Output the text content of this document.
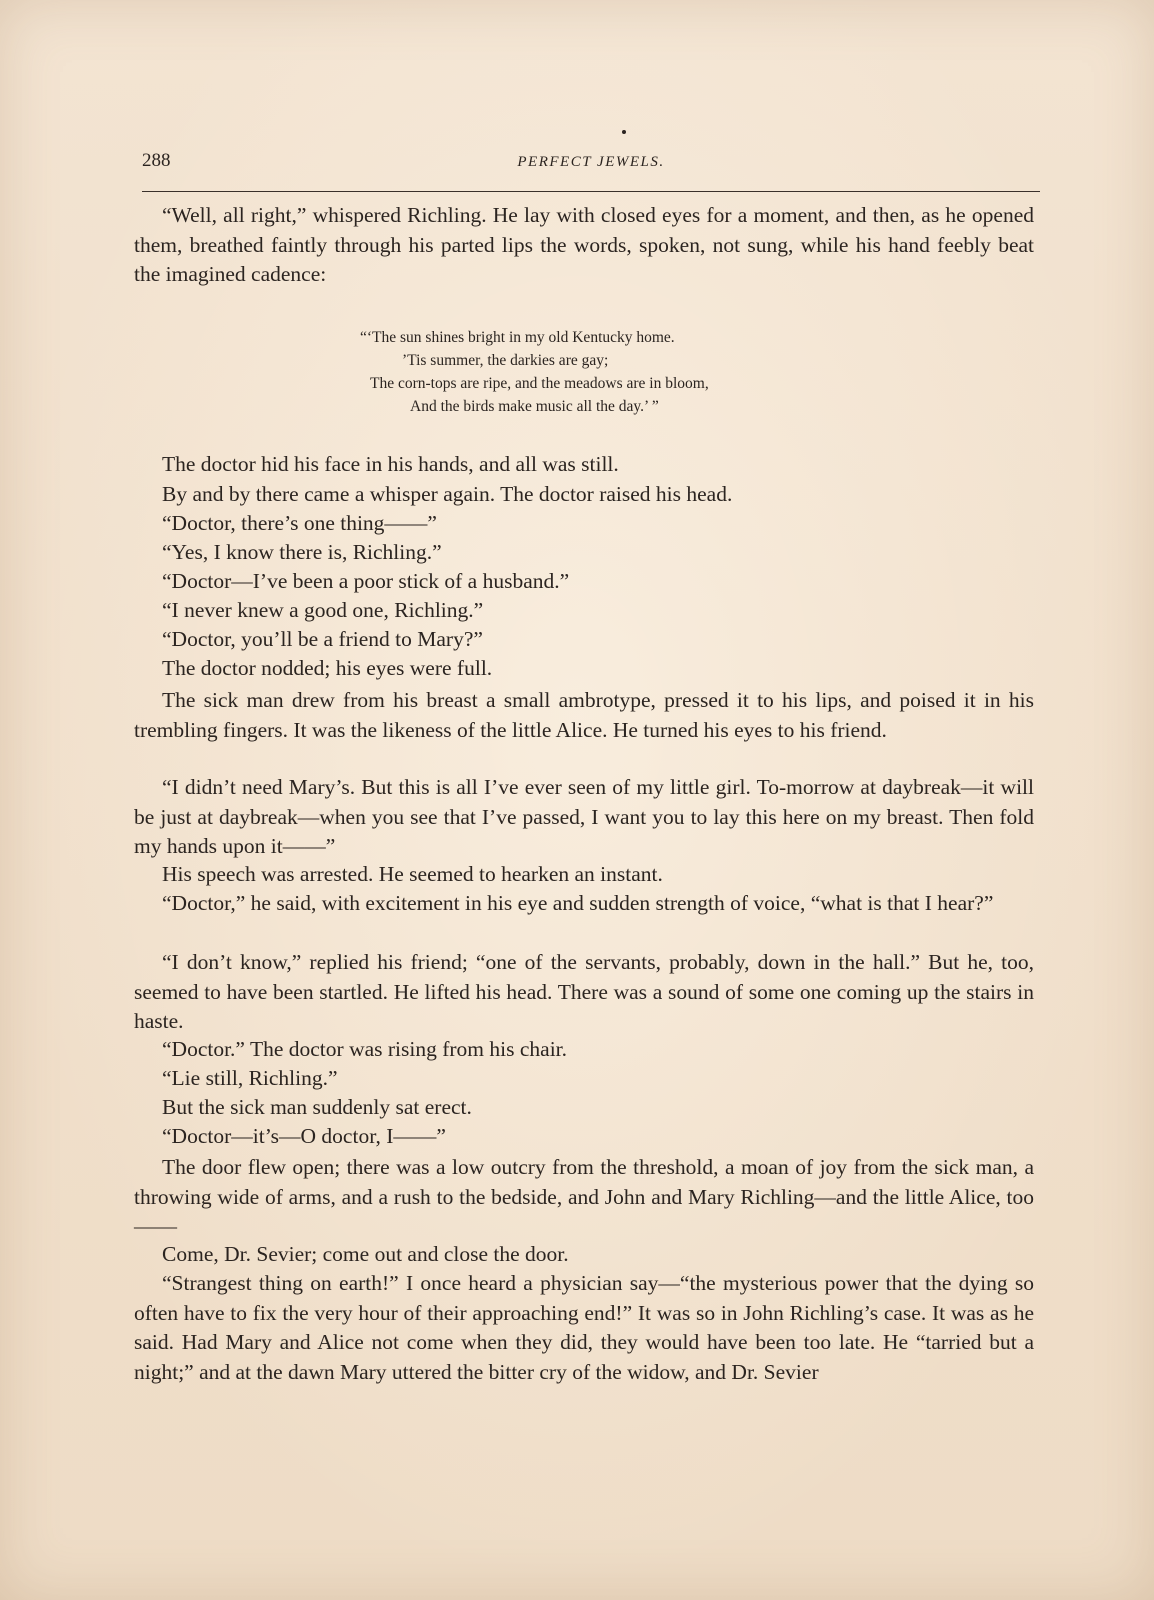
288	PERFECT JEWELS.

“Well, all right,” whispered Richling. He lay with closed eyes for a moment, and then, as he opened them, breathed faintly through his parted lips the words, spoken, not sung, while his hand feebly beat the imagined cadence:

“‘The sun shines bright in my old Kentucky home.
’Tis summer, the darkies are gay;
The corn-tops are ripe, and the meadows are in bloom,
And the birds make music all the day.’ ”
The doctor hid his face in his hands, and all was still.
By and by there came a whisper again. The doctor raised his head.
“Doctor, there’s one thing——”
“Yes, I know there is, Richling.”
“Doctor—I’ve been a poor stick of a husband.”
“I never knew a good one, Richling.”
“Doctor, you’ll be a friend to Mary?”
The doctor nodded; his eyes were full.

The sick man drew from his breast a small ambrotype, pressed it to his lips, and poised it in his trembling fingers. It was the likeness of the little Alice. He turned his eyes to his friend.

“I didn’t need Mary’s. But this is all I’ve ever seen of my little girl. To-morrow at daybreak—it will be just at daybreak—when you see that I’ve passed, I want you to lay this here on my breast. Then fold my hands upon it——”

His speech was arrested. He seemed to hearken an instant.

“Doctor,” he said, with excitement in his eye and sudden strength of voice, “what is that I hear?”

“I don’t know,” replied his friend; “one of the servants, probably, down in the hall.” But he, too, seemed to have been startled. He lifted his head. There was a sound of some one coming up the stairs in haste.

“Doctor.” The doctor was rising from his chair.
“Lie still, Richling.”
But the sick man suddenly sat erect.
“Doctor—it’s—O doctor, I——”

The door flew open; there was a low outcry from the threshold, a moan of joy from the sick man, a throwing wide of arms, and a rush to the bedside, and John and Mary Richling—and the little Alice, too——

Come, Dr. Sevier; come out and close the door.

“Strangest thing on earth!” I once heard a physician say—“the mysterious power that the dying so often have to fix the very hour of their approaching end!” It was so in John Richling’s case. It was as he said. Had Mary and Alice not come when they did, they would have been too late. He “tarried but a night;” and at the dawn Mary uttered the bitter cry of the widow, and Dr. Sevier
